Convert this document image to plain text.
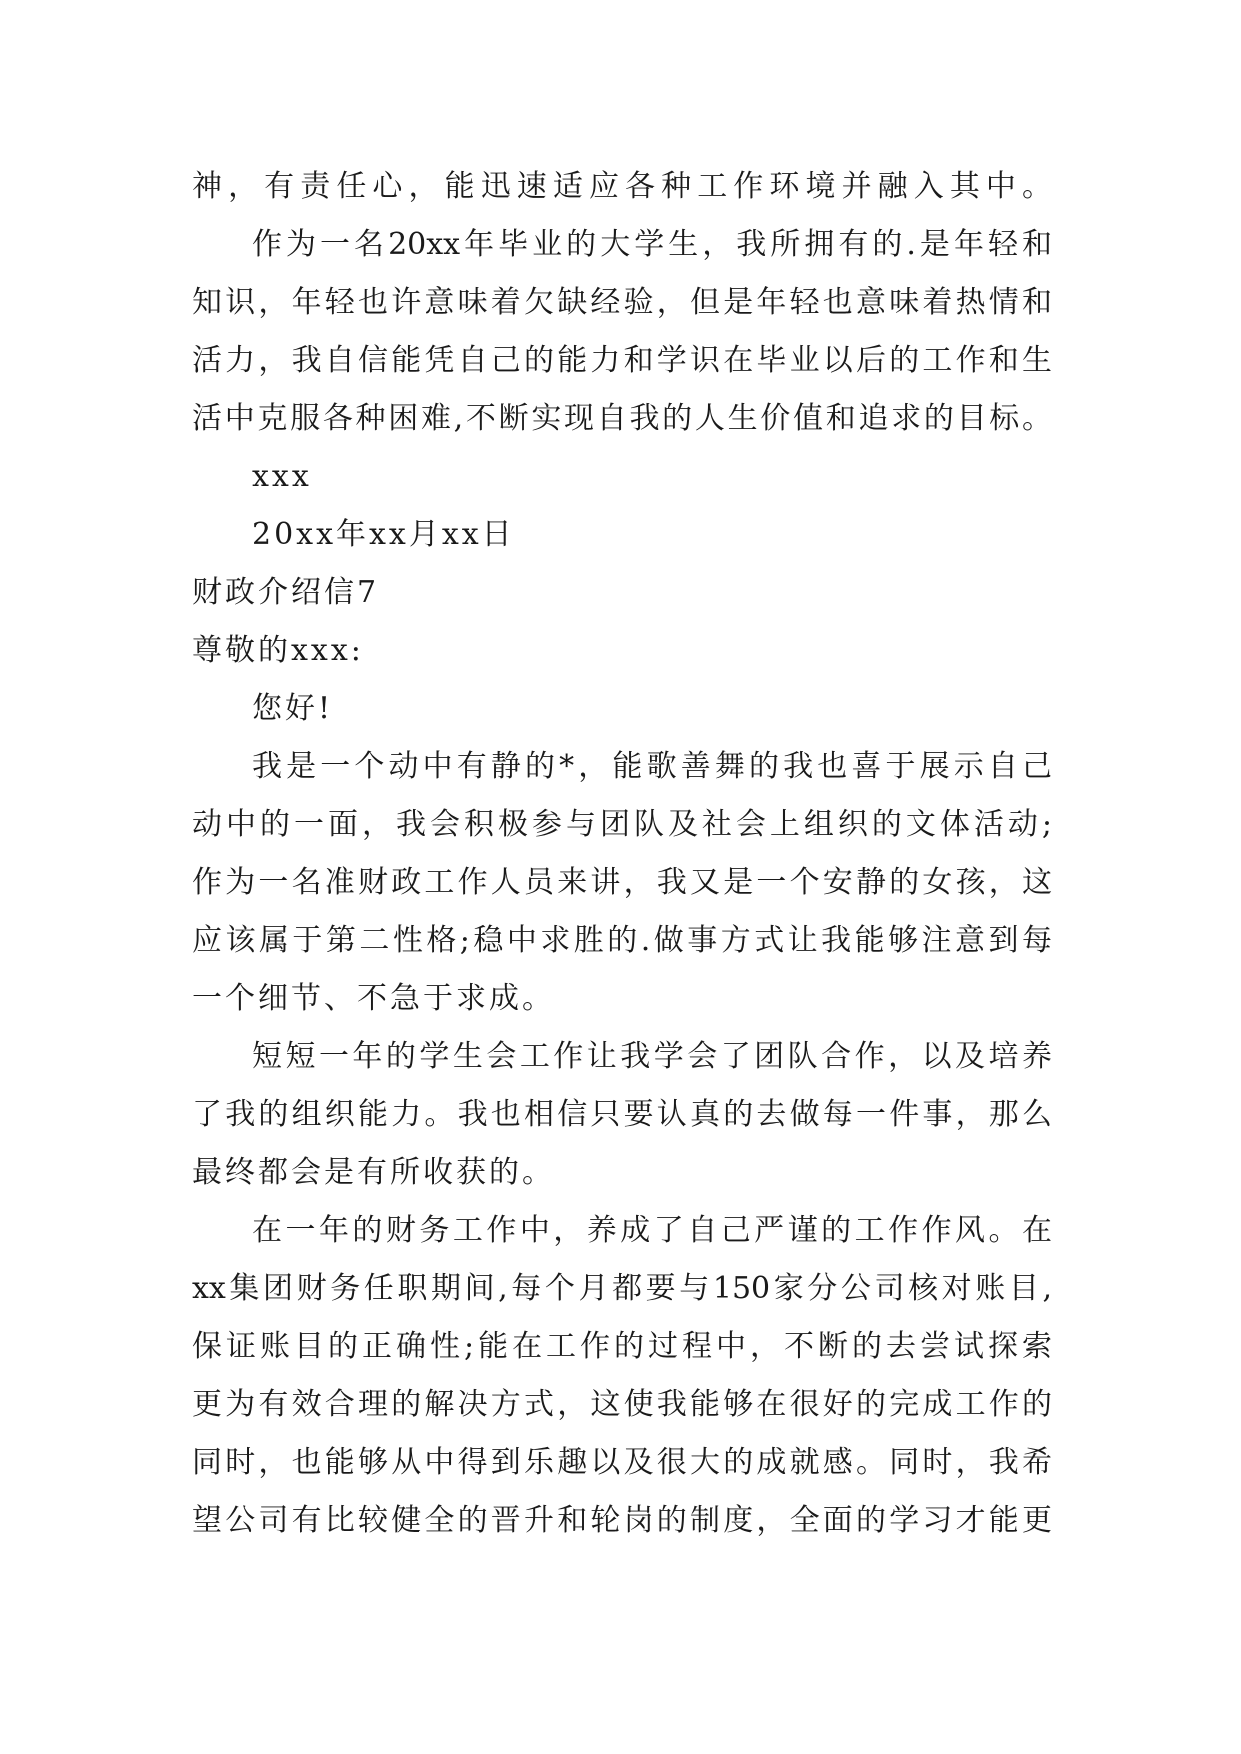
神，有责任心，能迅速适应各种工作环境并融入其中。
作为一名20xx年毕业的大学生，我所拥有的.是年轻和
知识，年轻也许意味着欠缺经验，但是年轻也意味着热情和
活力，我自信能凭自己的能力和学识在毕业以后的工作和生
活中克服各种困难,不断实现自我的人生价值和追求的目标。
xxx
20xx年xx月xx日
财政介绍信7
尊敬的xxx:
您好!
我是一个动中有静的*，能歌善舞的我也喜于展示自己
动中的一面，我会积极参与团队及社会上组织的文体活动;
作为一名准财政工作人员来讲，我又是一个安静的女孩，这
应该属于第二性格;稳中求胜的.做事方式让我能够注意到每
一个细节、不急于求成。
短短一年的学生会工作让我学会了团队合作，以及培养
了我的组织能力。我也相信只要认真的去做每一件事，那么
最终都会是有所收获的。
在一年的财务工作中，养成了自己严谨的工作作风。在
xx集团财务任职期间,每个月都要与150家分公司核对账目,
保证账目的正确性;能在工作的过程中，不断的去尝试探索
更为有效合理的解决方式，这使我能够在很好的完成工作的
同时，也能够从中得到乐趣以及很大的成就感。同时，我希
望公司有比较健全的晋升和轮岗的制度，全面的学习才能更
